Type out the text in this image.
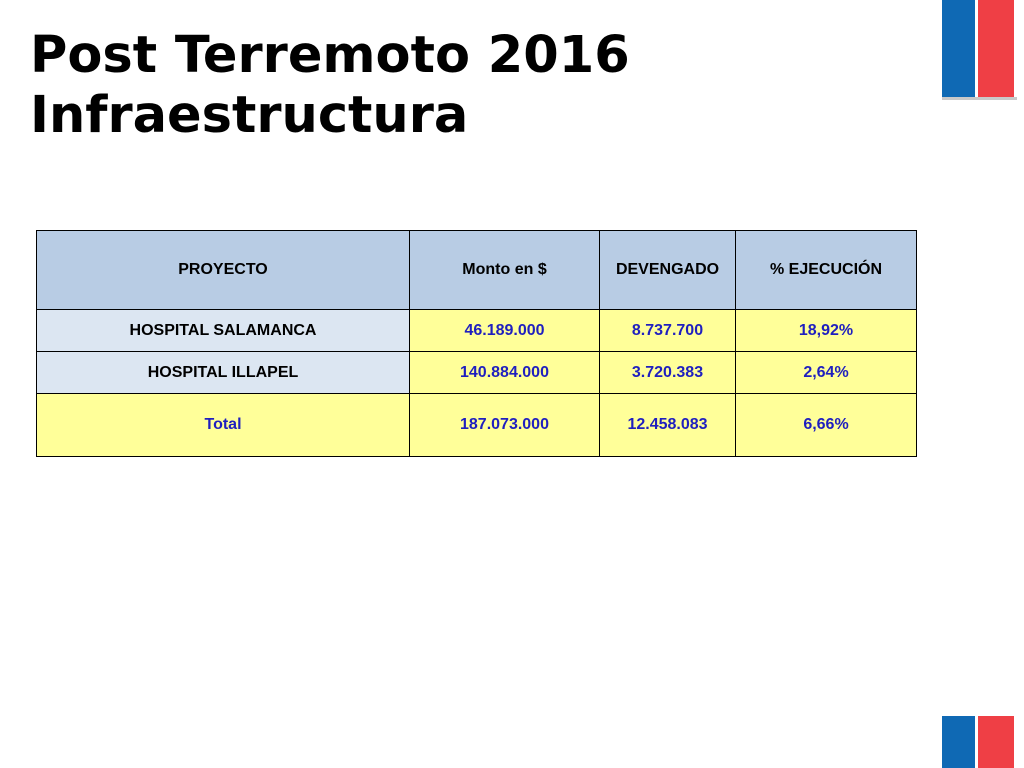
Post Terremoto 2016
Infraestructura
PROYECTO	Monto en $	DEVENGADO	% EJECUCIÓN
HOSPITAL SALAMANCA	46.189.000	8.737.700	18,92%
HOSPITAL ILLAPEL	140.884.000	3.720.383	2,64%
Total	187.073.000	12.458.083	6,66%
